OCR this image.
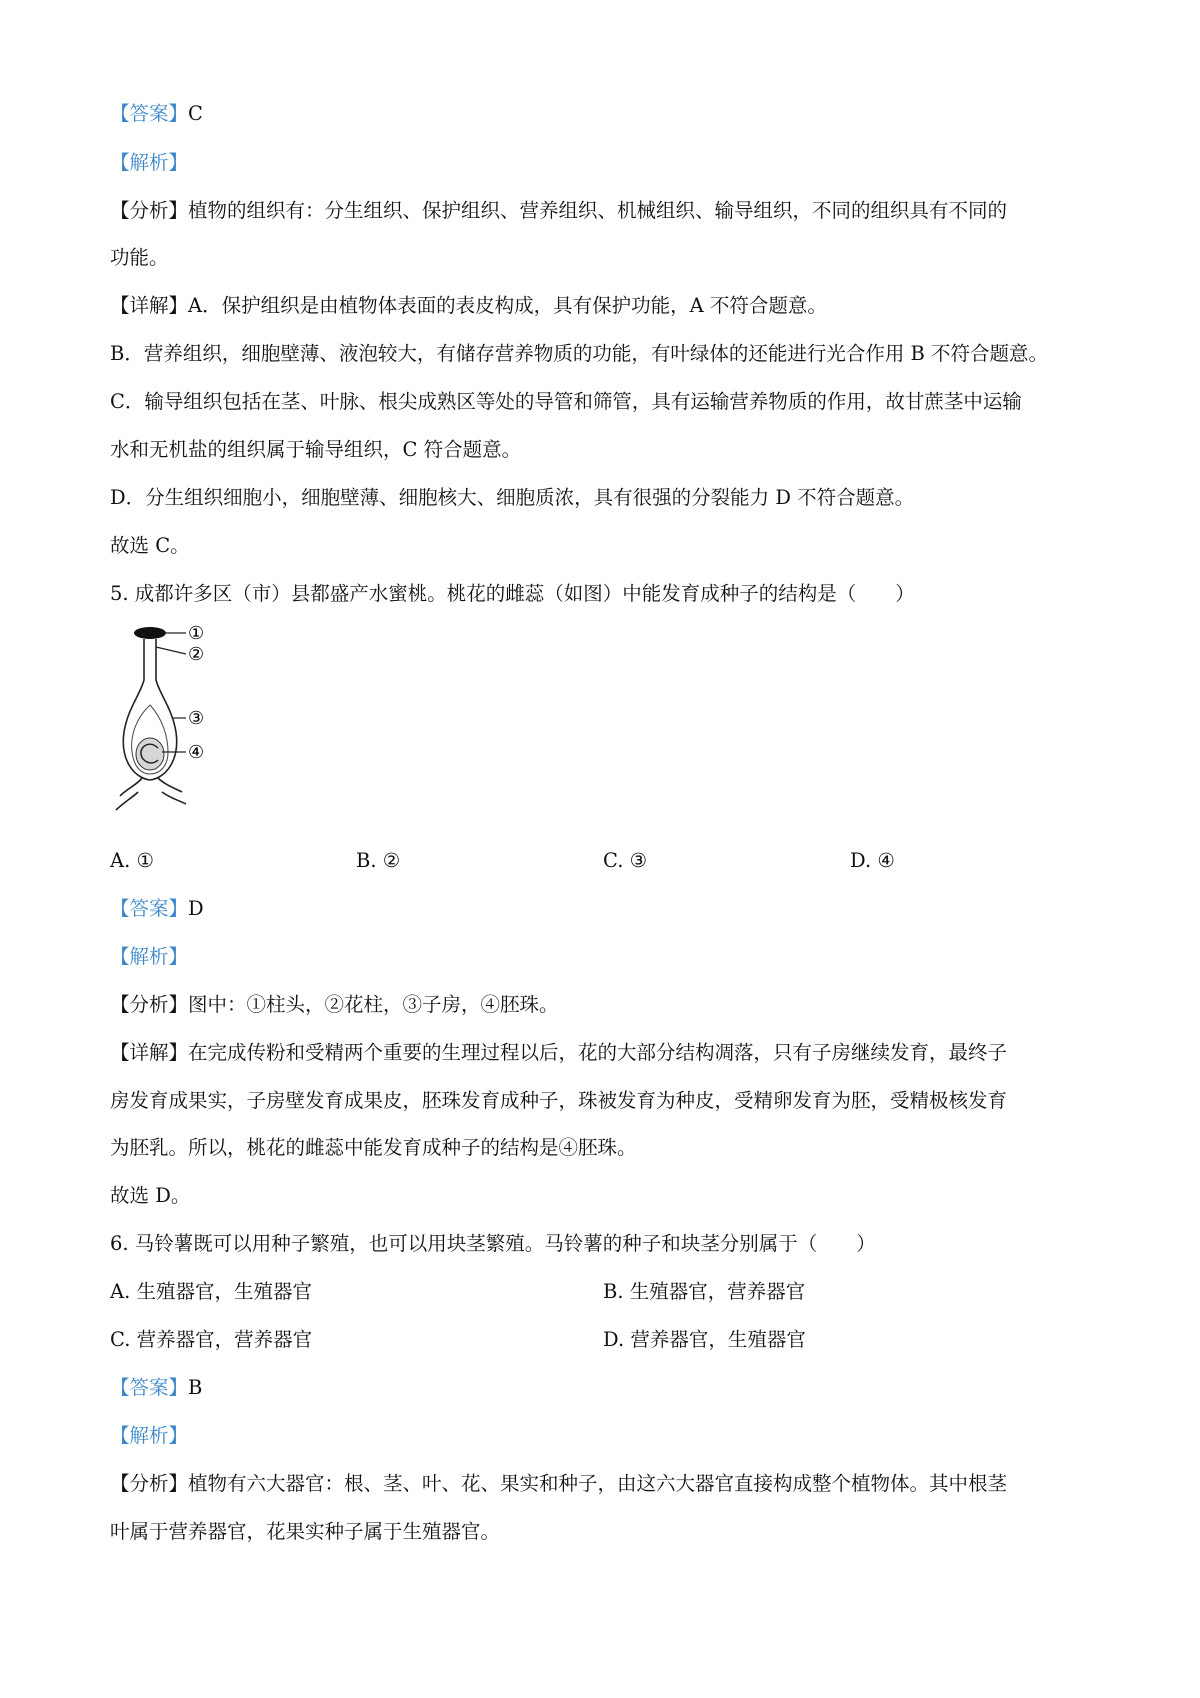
【答案】C
【解析】
【分析】植物的组织有：分生组织、保护组织、营养组织、机械组织、输导组织，不同的组织具有不同的
功能。
【详解】A．保护组织是由植物体表面的表皮构成，具有保护功能，A 不符合题意。
B．营养组织，细胞壁薄、液泡较大，有储存营养物质的功能，有叶绿体的还能进行光合作用 B 不符合题意。
C．输导组织包括在茎、叶脉、根尖成熟区等处的导管和筛管，具有运输营养物质的作用，故甘蔗茎中运输
水和无机盐的组织属于输导组织，C 符合题意。
D．分生组织细胞小，细胞壁薄、细胞核大、细胞质浓，具有很强的分裂能力 D 不符合题意。
故选 C。
5. 成都许多区（市）县都盛产水蜜桃。桃花的雌蕊（如图）中能发育成种子的结构是（　　）
①
②
③
④
A. ①	B. ②	C. ③	D. ④
【答案】D
【解析】
【分析】图中：①柱头，②花柱，③子房，④胚珠。
【详解】在完成传粉和受精两个重要的生理过程以后，花的大部分结构凋落，只有子房继续发育，最终子
房发育成果实，子房壁发育成果皮，胚珠发育成种子，珠被发育为种皮，受精卵发育为胚，受精极核发育
为胚乳。所以，桃花的雌蕊中能发育成种子的结构是④胚珠。
故选 D。
6. 马铃薯既可以用种子繁殖，也可以用块茎繁殖。马铃薯的种子和块茎分别属于（　　）
A. 生殖器官，生殖器官	B. 生殖器官，营养器官
C. 营养器官，营养器官	D. 营养器官，生殖器官
【答案】B
【解析】
【分析】植物有六大器官：根、茎、叶、花、果实和种子，由这六大器官直接构成整个植物体。其中根茎
叶属于营养器官，花果实种子属于生殖器官。
